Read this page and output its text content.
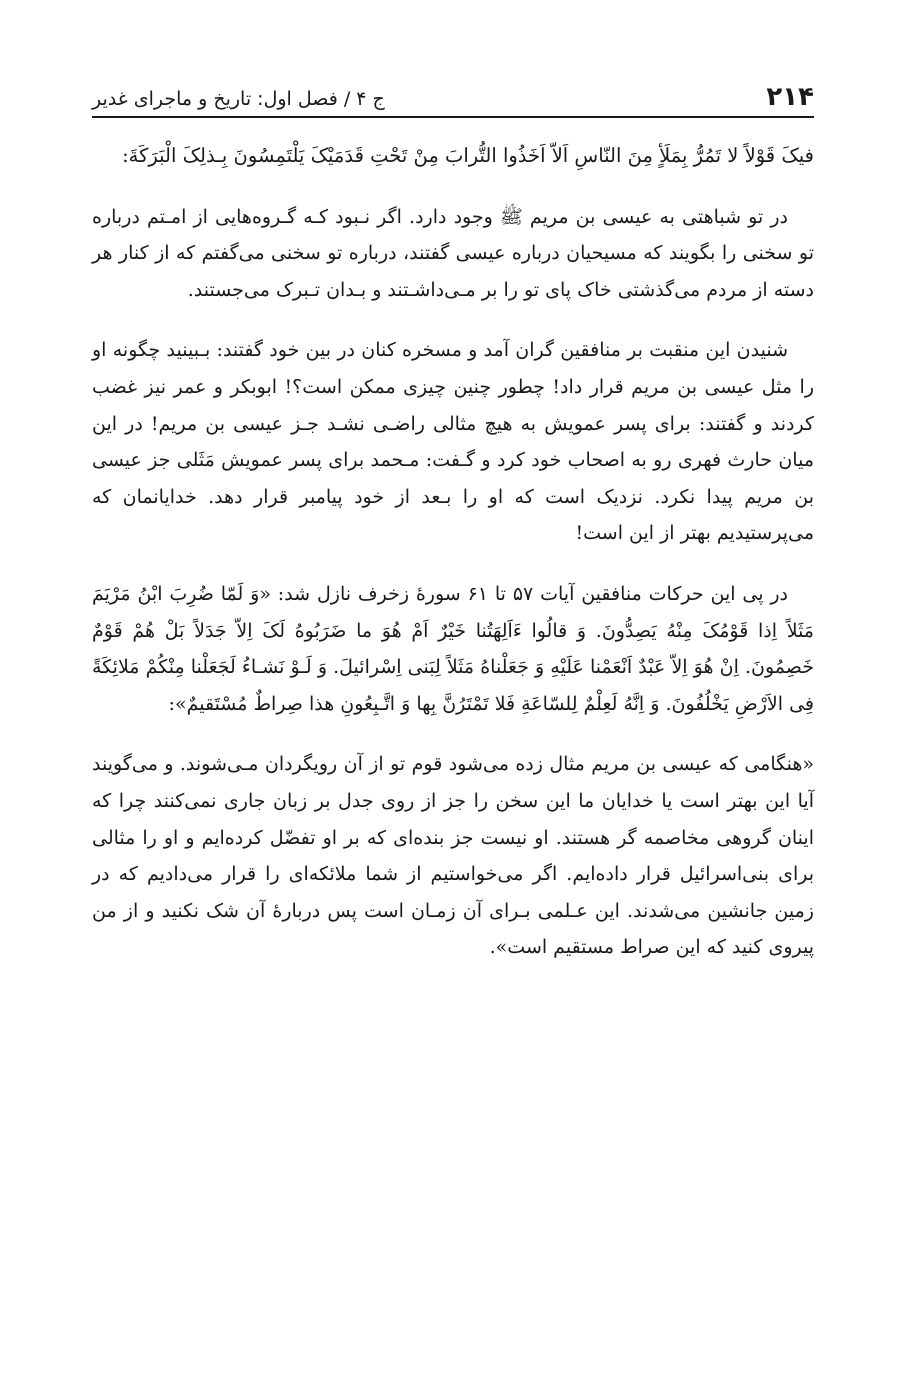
۲۱۴
ج ۴ / فصل اول: تاریخ و ماجرای غدیر

فیکَ قَوْلاً لا تَمُرُّ بِمَلَأٍ مِنَ النّاسِ اَلاّ اَخَذُوا التُّرابَ مِنْ تَحْتِ قَدَمَیْکَ یَلْتَمِسُونَ بِـذلِکَ الْبَرَکَةَ:

در تو شباهتی به عیسی بن مریم ﷺ وجود دارد. اگر نـبود کـه گـروه‌هایی از امـتم درباره تو سخنی را بگویند که مسیحیان درباره عیسی گفتند، درباره تو سخنی می‌گفتم که از کنار هر دسته از مردم می‌گذشتی خاک پای تو را بر مـی‌داشـتند و بـدان تـبرک می‌جستند.

شنیدن این منقبت بر منافقین گران آمد و مسخره کنان در بین خود گفتند: بـبینید چگونه او را مثل عیسی بن مریم قرار داد! چطور چنین چیزی ممکن است؟! ابوبکر و عمر نیز غضب کردند و گفتند: برای پسر عمویش به هیچ مثالی راضـی نشـد جـز عیسی بن مریم! در این میان حارث فهری رو به اصحاب خود کرد و گـفت: مـحمد برای پسر عمویش مَثَلی جز عیسی بن مریم پیدا نکرد. نزدیک است که او را بـعد از خود پیامبر قرار دهد. خدایانمان که می‌پرستیدیم بهتر از این است!

در پی این حرکات منافقین آیات ۵۷ تا ۶۱ سورهٔ زخرف نازل شد: «وَ لَمّا ضُرِبَ ابْنُ مَرْیَمَ مَثَلاً اِذا قَوْمُکَ مِنْهُ یَصِدُّونَ. وَ قالُوا ءَاَلِهَتُنا خَیْرٌ اَمْ هُوَ ما ضَرَبُوهُ لَکَ اِلاّ جَدَلاً بَلْ هُمْ قَوْمٌ خَصِمُونَ. اِنْ هُوَ اِلاّ عَبْدٌ اَنْعَمْنا عَلَیْهِ وَ جَعَلْناهُ مَثَلاً لِبَنی اِسْرائیلَ. وَ لَـوْ نَشـاءُ لَجَعَلْنا مِنْکُمْ مَلائِکَةً فِی الاَرْضِ یَخْلُفُونَ. وَ اِنَّهُ لَعِلْمٌ لِلسّاعَةِ فَلا تَمْتَرُنَّ بِها وَ اتَّـبِعُونِ هذا صِراطٌ مُسْتَقیمٌ»:

«هنگامی که عیسی بن مریم مثال زده می‌شود قوم تو از آن رویگردان مـی‌شوند. و می‌گویند آیا این بهتر است یا خدایان ما این سخن را جز از روی جدل بر زبان جاری نمی‌کنند چرا که اینان گروهی مخاصمه گر هستند. او نیست جز بنده‌ای که بر او تفضّل کرده‌ایم و او را مثالی برای بنی‌اسرائیل قرار داده‌ایم. اگر می‌خواستیم از شما ملائکه‌ای را قرار می‌دادیم که در زمین جانشین می‌شدند. این عـلمی بـرای آن زمـان است پس دربارهٔ آن شک نکنید و از من پیروی کنید که این صراط مستقیم است».
